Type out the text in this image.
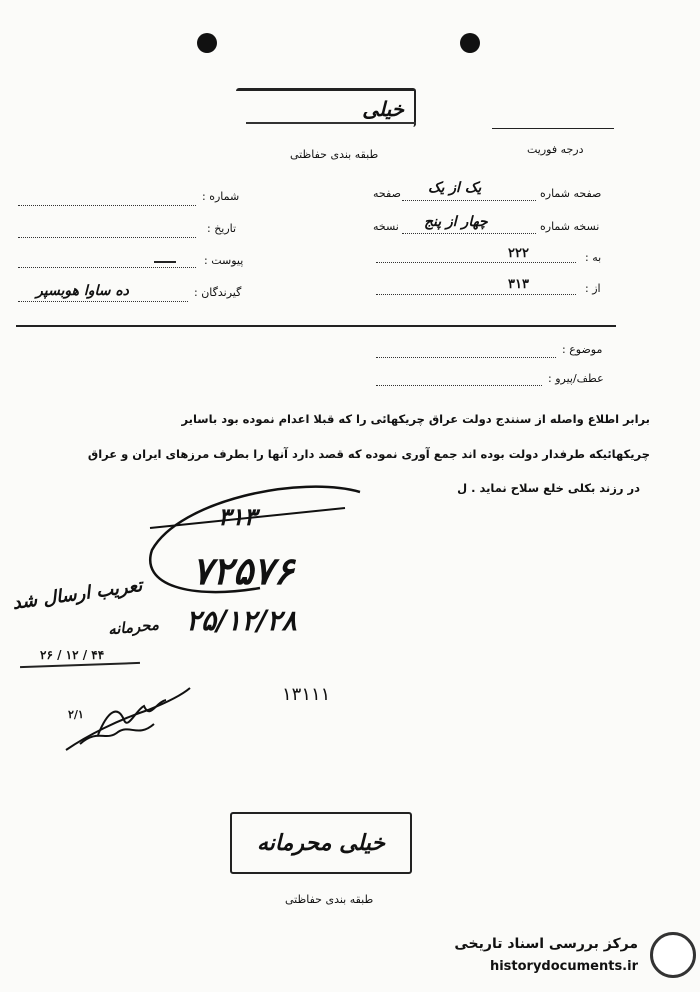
خیلی
طبقه بندی حفاظتی	درجه فوریت
شماره :
تاریخ :
پیوست :
گیرندگان :
ده ساوا هوبسپر
صفحه شماره
یک از یک
صفحه
نسخه شماره
چهار از پنج
نسخه
به :
۲۲۲
از :
۳۱۳
موضوع :
عطف/پیرو :
برابر اطلاع واصله از سنندج دولت عراق چریکهائی را که قبلا اعدام نموده بود باسایر
چریکهائیکه طرفدار دولت بوده اند جمع آوری نموده که قصد دارد آنها را بطرف مرزهای ایران و عراق
در رزند بکلی خلع سلاح نماید . ل
۳۱۳
۷۲۵۷۶
۲۵/۱۲/۲۸
محرمانه
تعریب ارسال شد
۲۶ / ۱۲ / ۴۴
۱۳۱۱۱
۲/۱
خیلی محرمانه
طبقه بندی حفاظتی
مرکز بررسی اسناد تاریخی
historydocuments.ir
